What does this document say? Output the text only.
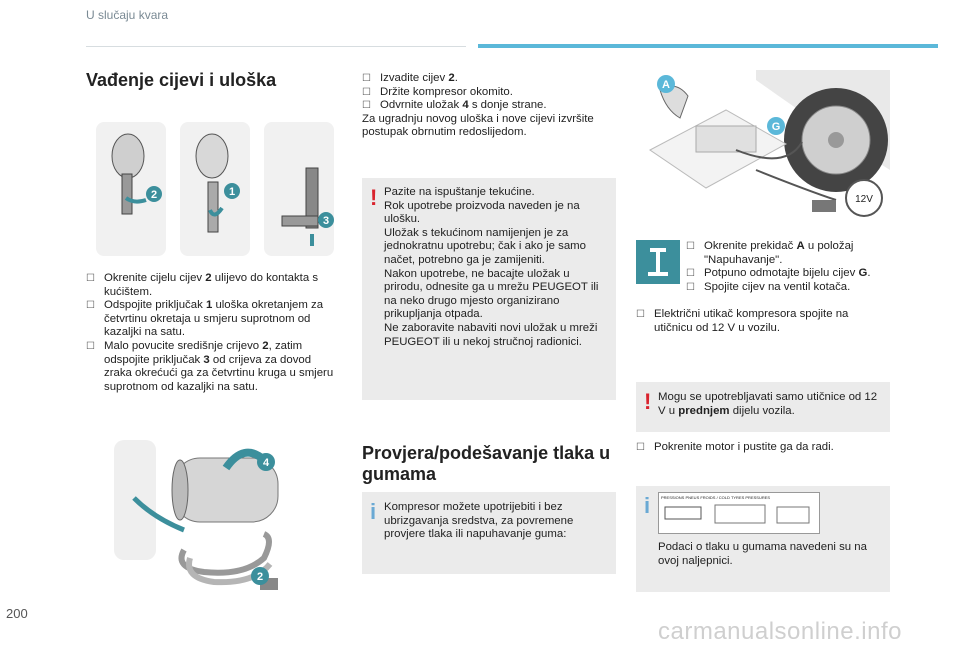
U slučaju kvara
Vađenje cijevi i uloška
2	1
3
☐ Okrenite cijelu cijev 2 ulijevo do kontakta s kućištem.
☐ Odspojite priključak 1 uloška okretanjem za četvrtinu okretaja u smjeru suprotnom od kazaljki na satu.
☐ Malo povucite središnje crijevo 2, zatim odspojite priključak 3 od crijeva za dovod zraka okrećući ga za četvrtinu kruga u smjeru suprotnom od kazaljki na satu.
4
2
☐ Izvadite cijev 2.
☐ Držite kompresor okomito.
☐ Odvrnite uložak 4 s donje strane.
Za ugradnju novog uloška i nove cijevi izvršite postupak obrnutim redoslijedom.
! Pazite na ispuštanje tekućine.
Rok upotrebe proizvoda naveden je na ulošku.
Uložak s tekućinom namijenjen je za jednokratnu upotrebu; čak i ako je samo načet, potrebno ga je zamijeniti.
Nakon upotrebe, ne bacajte uložak u prirodu, odnesite ga u mrežu PEUGEOT ili na neko drugo mjesto organizirano prikupljanja otpada.
Ne zaboravite nabaviti novi uložak u mreži PEUGEOT ili u nekoj stručnoj radionici.
Provjera/podešavanje tlaka u gumama
i Kompresor možete upotrijebiti i bez ubrizgavanja sredstva, za povremene provjere tlaka ili napuhavanje guma:
12V
A
G
☐ Okrenite prekidač A u položaj "Napuhavanje".
☐ Potpuno odmotajte bijelu cijev G.
☐ Spojite cijev na ventil kotača.
☐ Električni utikač kompresora spojite na utičnicu od 12 V u vozilu.
! Mogu se upotrebljavati samo utičnice od 12 V u prednjem dijelu vozila.
☐ Pokrenite motor i pustite ga da radi.
i	PRESSIONS PNEUS FROIDS / COLD TYRES PRESSURES
Podaci o tlaku u gumama navedeni su na ovoj naljepnici.
200
carmanualsonline.info
